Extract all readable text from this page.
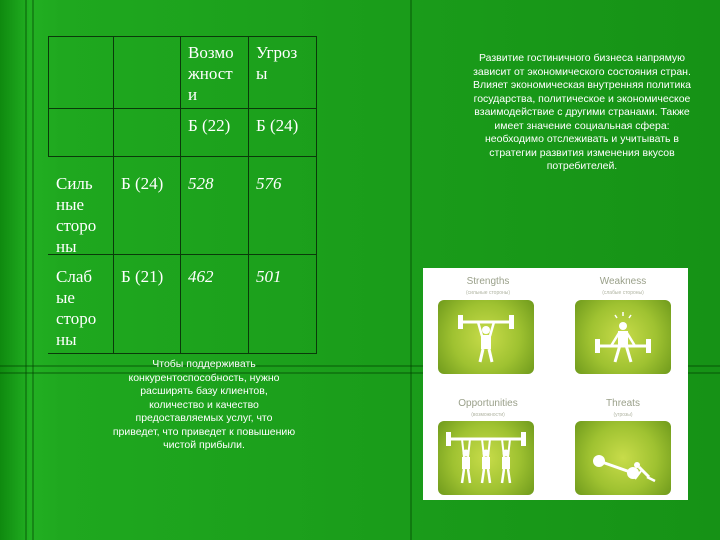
Возмо
жност
и
Угроз
ы
Б (22) Б (24)
Силь
ные
сторо
ны
Б (24) 528	576
Слаб
ые
сторо
ны
Б (21) 462	501
Развитие гостиничного бизнеса напрямую зависит от экономического состояния стран. Влияет экономическая внутренняя политика государства, политическое и экономическое взаимодействие с другими странами. Также имеет значение социальная сфера: необходимо отслеживать и учитывать в стратегии развития изменения вкусов потребителей.
Чтобы поддерживать конкурентоспособность, нужно расширять базу клиентов, количество и качество предоставляемых услуг, что приведет, что приведет к повышению чистой прибыли.
Strengths
(сильные стороны)
Weakness
(слабые стороны)
Opportunities
(возможности)
Threats
(угрозы)
